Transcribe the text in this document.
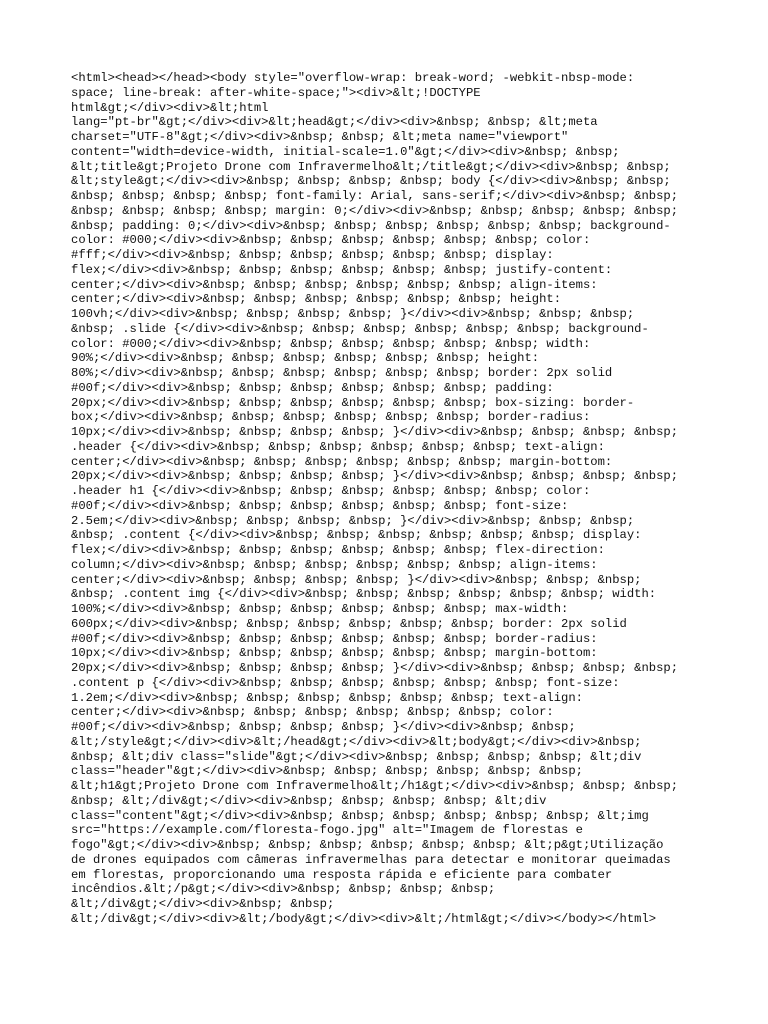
<html><head></head><body style="overflow-wrap: break-word; -webkit-nbsp-mode:
space; line-break: after-white-space;"><div>&lt;!DOCTYPE
html&gt;</div><div>&lt;html
lang="pt-br"&gt;</div><div>&lt;head&gt;</div><div>&nbsp; &nbsp; &lt;meta
charset="UTF-8"&gt;</div><div>&nbsp; &nbsp; &lt;meta name="viewport"
content="width=device-width, initial-scale=1.0"&gt;</div><div>&nbsp; &nbsp;
&lt;title&gt;Projeto Drone com Infravermelho&lt;/title&gt;</div><div>&nbsp; &nbsp;
&lt;style&gt;</div><div>&nbsp; &nbsp; &nbsp; &nbsp; body {</div><div>&nbsp; &nbsp;
&nbsp; &nbsp; &nbsp; &nbsp; font-family: Arial, sans-serif;</div><div>&nbsp; &nbsp;
&nbsp; &nbsp; &nbsp; &nbsp; margin: 0;</div><div>&nbsp; &nbsp; &nbsp; &nbsp; &nbsp;
&nbsp; padding: 0;</div><div>&nbsp; &nbsp; &nbsp; &nbsp; &nbsp; &nbsp; background-
color: #000;</div><div>&nbsp; &nbsp; &nbsp; &nbsp; &nbsp; &nbsp; color:
#fff;</div><div>&nbsp; &nbsp; &nbsp; &nbsp; &nbsp; &nbsp; display:
flex;</div><div>&nbsp; &nbsp; &nbsp; &nbsp; &nbsp; &nbsp; justify-content:
center;</div><div>&nbsp; &nbsp; &nbsp; &nbsp; &nbsp; &nbsp; align-items:
center;</div><div>&nbsp; &nbsp; &nbsp; &nbsp; &nbsp; &nbsp; height:
100vh;</div><div>&nbsp; &nbsp; &nbsp; &nbsp; }</div><div>&nbsp; &nbsp; &nbsp;
&nbsp; .slide {</div><div>&nbsp; &nbsp; &nbsp; &nbsp; &nbsp; &nbsp; background-
color: #000;</div><div>&nbsp; &nbsp; &nbsp; &nbsp; &nbsp; &nbsp; width:
90%;</div><div>&nbsp; &nbsp; &nbsp; &nbsp; &nbsp; &nbsp; height:
80%;</div><div>&nbsp; &nbsp; &nbsp; &nbsp; &nbsp; &nbsp; border: 2px solid
#00f;</div><div>&nbsp; &nbsp; &nbsp; &nbsp; &nbsp; &nbsp; padding:
20px;</div><div>&nbsp; &nbsp; &nbsp; &nbsp; &nbsp; &nbsp; box-sizing: border-
box;</div><div>&nbsp; &nbsp; &nbsp; &nbsp; &nbsp; &nbsp; border-radius:
10px;</div><div>&nbsp; &nbsp; &nbsp; &nbsp; }</div><div>&nbsp; &nbsp; &nbsp; &nbsp;
.header {</div><div>&nbsp; &nbsp; &nbsp; &nbsp; &nbsp; &nbsp; text-align:
center;</div><div>&nbsp; &nbsp; &nbsp; &nbsp; &nbsp; &nbsp; margin-bottom:
20px;</div><div>&nbsp; &nbsp; &nbsp; &nbsp; }</div><div>&nbsp; &nbsp; &nbsp; &nbsp;
.header h1 {</div><div>&nbsp; &nbsp; &nbsp; &nbsp; &nbsp; &nbsp; color:
#00f;</div><div>&nbsp; &nbsp; &nbsp; &nbsp; &nbsp; &nbsp; font-size:
2.5em;</div><div>&nbsp; &nbsp; &nbsp; &nbsp; }</div><div>&nbsp; &nbsp; &nbsp;
&nbsp; .content {</div><div>&nbsp; &nbsp; &nbsp; &nbsp; &nbsp; &nbsp; display:
flex;</div><div>&nbsp; &nbsp; &nbsp; &nbsp; &nbsp; &nbsp; flex-direction:
column;</div><div>&nbsp; &nbsp; &nbsp; &nbsp; &nbsp; &nbsp; align-items:
center;</div><div>&nbsp; &nbsp; &nbsp; &nbsp; }</div><div>&nbsp; &nbsp; &nbsp;
&nbsp; .content img {</div><div>&nbsp; &nbsp; &nbsp; &nbsp; &nbsp; &nbsp; width:
100%;</div><div>&nbsp; &nbsp; &nbsp; &nbsp; &nbsp; &nbsp; max-width:
600px;</div><div>&nbsp; &nbsp; &nbsp; &nbsp; &nbsp; &nbsp; border: 2px solid
#00f;</div><div>&nbsp; &nbsp; &nbsp; &nbsp; &nbsp; &nbsp; border-radius:
10px;</div><div>&nbsp; &nbsp; &nbsp; &nbsp; &nbsp; &nbsp; margin-bottom:
20px;</div><div>&nbsp; &nbsp; &nbsp; &nbsp; }</div><div>&nbsp; &nbsp; &nbsp; &nbsp;
.content p {</div><div>&nbsp; &nbsp; &nbsp; &nbsp; &nbsp; &nbsp; font-size:
1.2em;</div><div>&nbsp; &nbsp; &nbsp; &nbsp; &nbsp; &nbsp; text-align:
center;</div><div>&nbsp; &nbsp; &nbsp; &nbsp; &nbsp; &nbsp; color:
#00f;</div><div>&nbsp; &nbsp; &nbsp; &nbsp; }</div><div>&nbsp; &nbsp;
&lt;/style&gt;</div><div>&lt;/head&gt;</div><div>&lt;body&gt;</div><div>&nbsp;
&nbsp; &lt;div class="slide"&gt;</div><div>&nbsp; &nbsp; &nbsp; &nbsp; &lt;div
class="header"&gt;</div><div>&nbsp; &nbsp; &nbsp; &nbsp; &nbsp; &nbsp;
&lt;h1&gt;Projeto Drone com Infravermelho&lt;/h1&gt;</div><div>&nbsp; &nbsp; &nbsp;
&nbsp; &lt;/div&gt;</div><div>&nbsp; &nbsp; &nbsp; &nbsp; &lt;div
class="content"&gt;</div><div>&nbsp; &nbsp; &nbsp; &nbsp; &nbsp; &nbsp; &lt;img
src="https://example.com/floresta-fogo.jpg" alt="Imagem de florestas e
fogo"&gt;</div><div>&nbsp; &nbsp; &nbsp; &nbsp; &nbsp; &nbsp; &lt;p&gt;Utilização
de drones equipados com câmeras infravermelhas para detectar e monitorar queimadas
em florestas, proporcionando uma resposta rápida e eficiente para combater
incêndios.&lt;/p&gt;</div><div>&nbsp; &nbsp; &nbsp; &nbsp;
&lt;/div&gt;</div><div>&nbsp; &nbsp;
&lt;/div&gt;</div><div>&lt;/body&gt;</div><div>&lt;/html&gt;</div></body></html>
